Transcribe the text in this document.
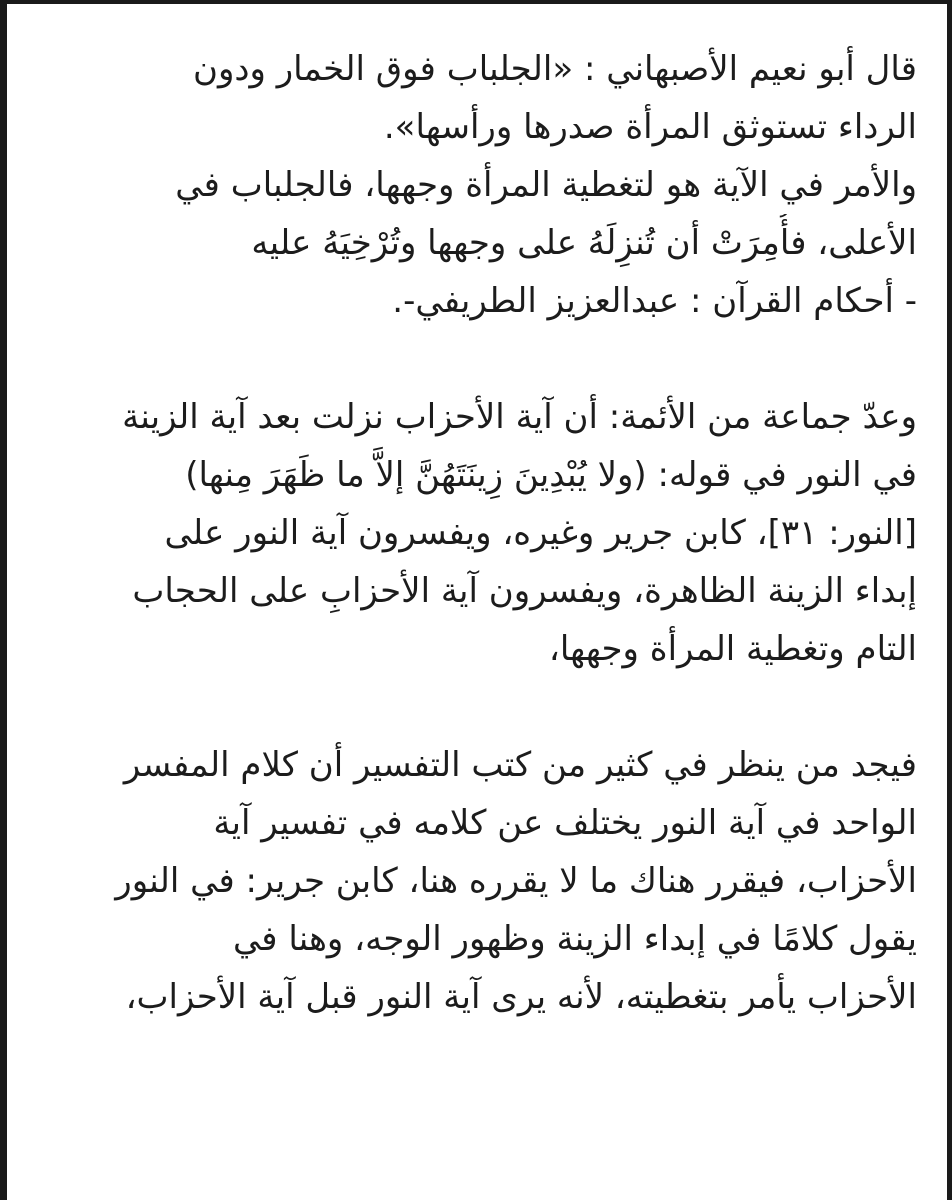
قال أبو نعيم الأصبهاني : «الجلباب فوق الخمار ودون
الرداء تستوثق المرأة صدرها ورأسها».
والأمر في الآية هو لتغطية المرأة وجهها، فالجلباب في
الأعلى، فأُمِرَتْ أن تُنزِلَهُ على وجهها وتُرْخِيَهُ عليه
- أحكام القرآن : عبدالعزيز الطريفي-.

وعدّ جماعة من الأئمة: أن آية الأحزاب نزلت بعد آية الزينة
في النور في قوله: (ولا يُبْدِينَ زِينَتَهُنَّ إلاَّ ما ظَهَرَ مِنها)
[النور: ٣١]، كابن جرير وغيره، ويفسرون آية النور على
إبداء الزينة الظاهرة، ويفسرون آية الأحزابِ على الحجاب
التام وتغطية المرأة وجهها،

فيجد من ينظر في كثير من كتب التفسير أن كلام المفسر
الواحد في آية النور يختلف عن كلامه في تفسير آية
الأحزاب، فيقرر هناك ما لا يقرره هنا، كابن جرير: في النور
يقول كلامًا في إبداء الزينة وظهور الوجه، وهنا في
الأحزاب يأمر بتغطيته، لأنه يرى آية النور قبل آية الأحزاب،
